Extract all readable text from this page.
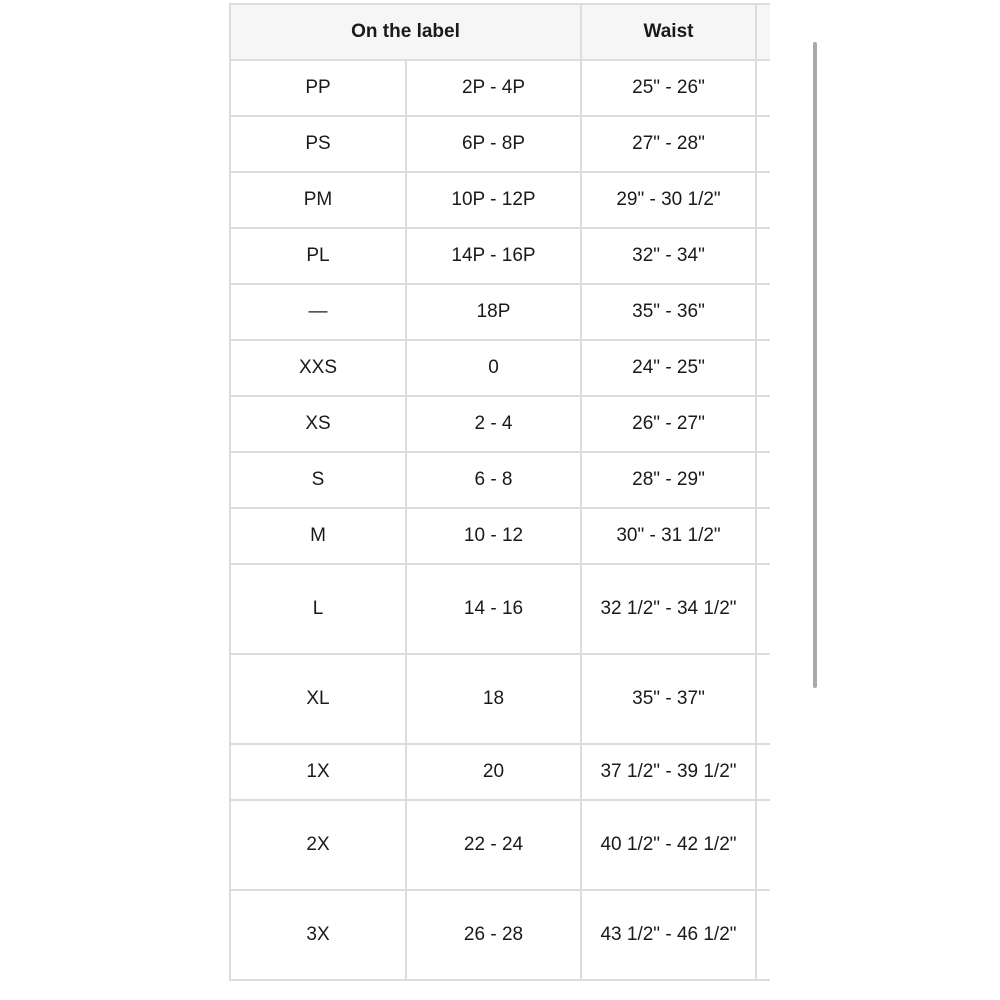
On the label		Waist	
PP	2P - 4P	25" - 26"	
PS	6P - 8P	27" - 28"	
PM	10P - 12P	29" - 30 1/2"	
PL	14P - 16P	32" - 34"	
—	18P	35" - 36"	
XXS	0	24" - 25"	
XS	2 - 4	26" - 27"	
S	6 - 8	28" - 29"	
M	10 - 12	30" - 31 1/2"	
L	14 - 16	32 1/2" - 34 1/2"	
XL	18	35" - 37"	
1X	20	37 1/2" - 39 1/2"	
2X	22 - 24	40 1/2" - 42 1/2"	
3X	26 - 28	43 1/2" - 46 1/2"	
